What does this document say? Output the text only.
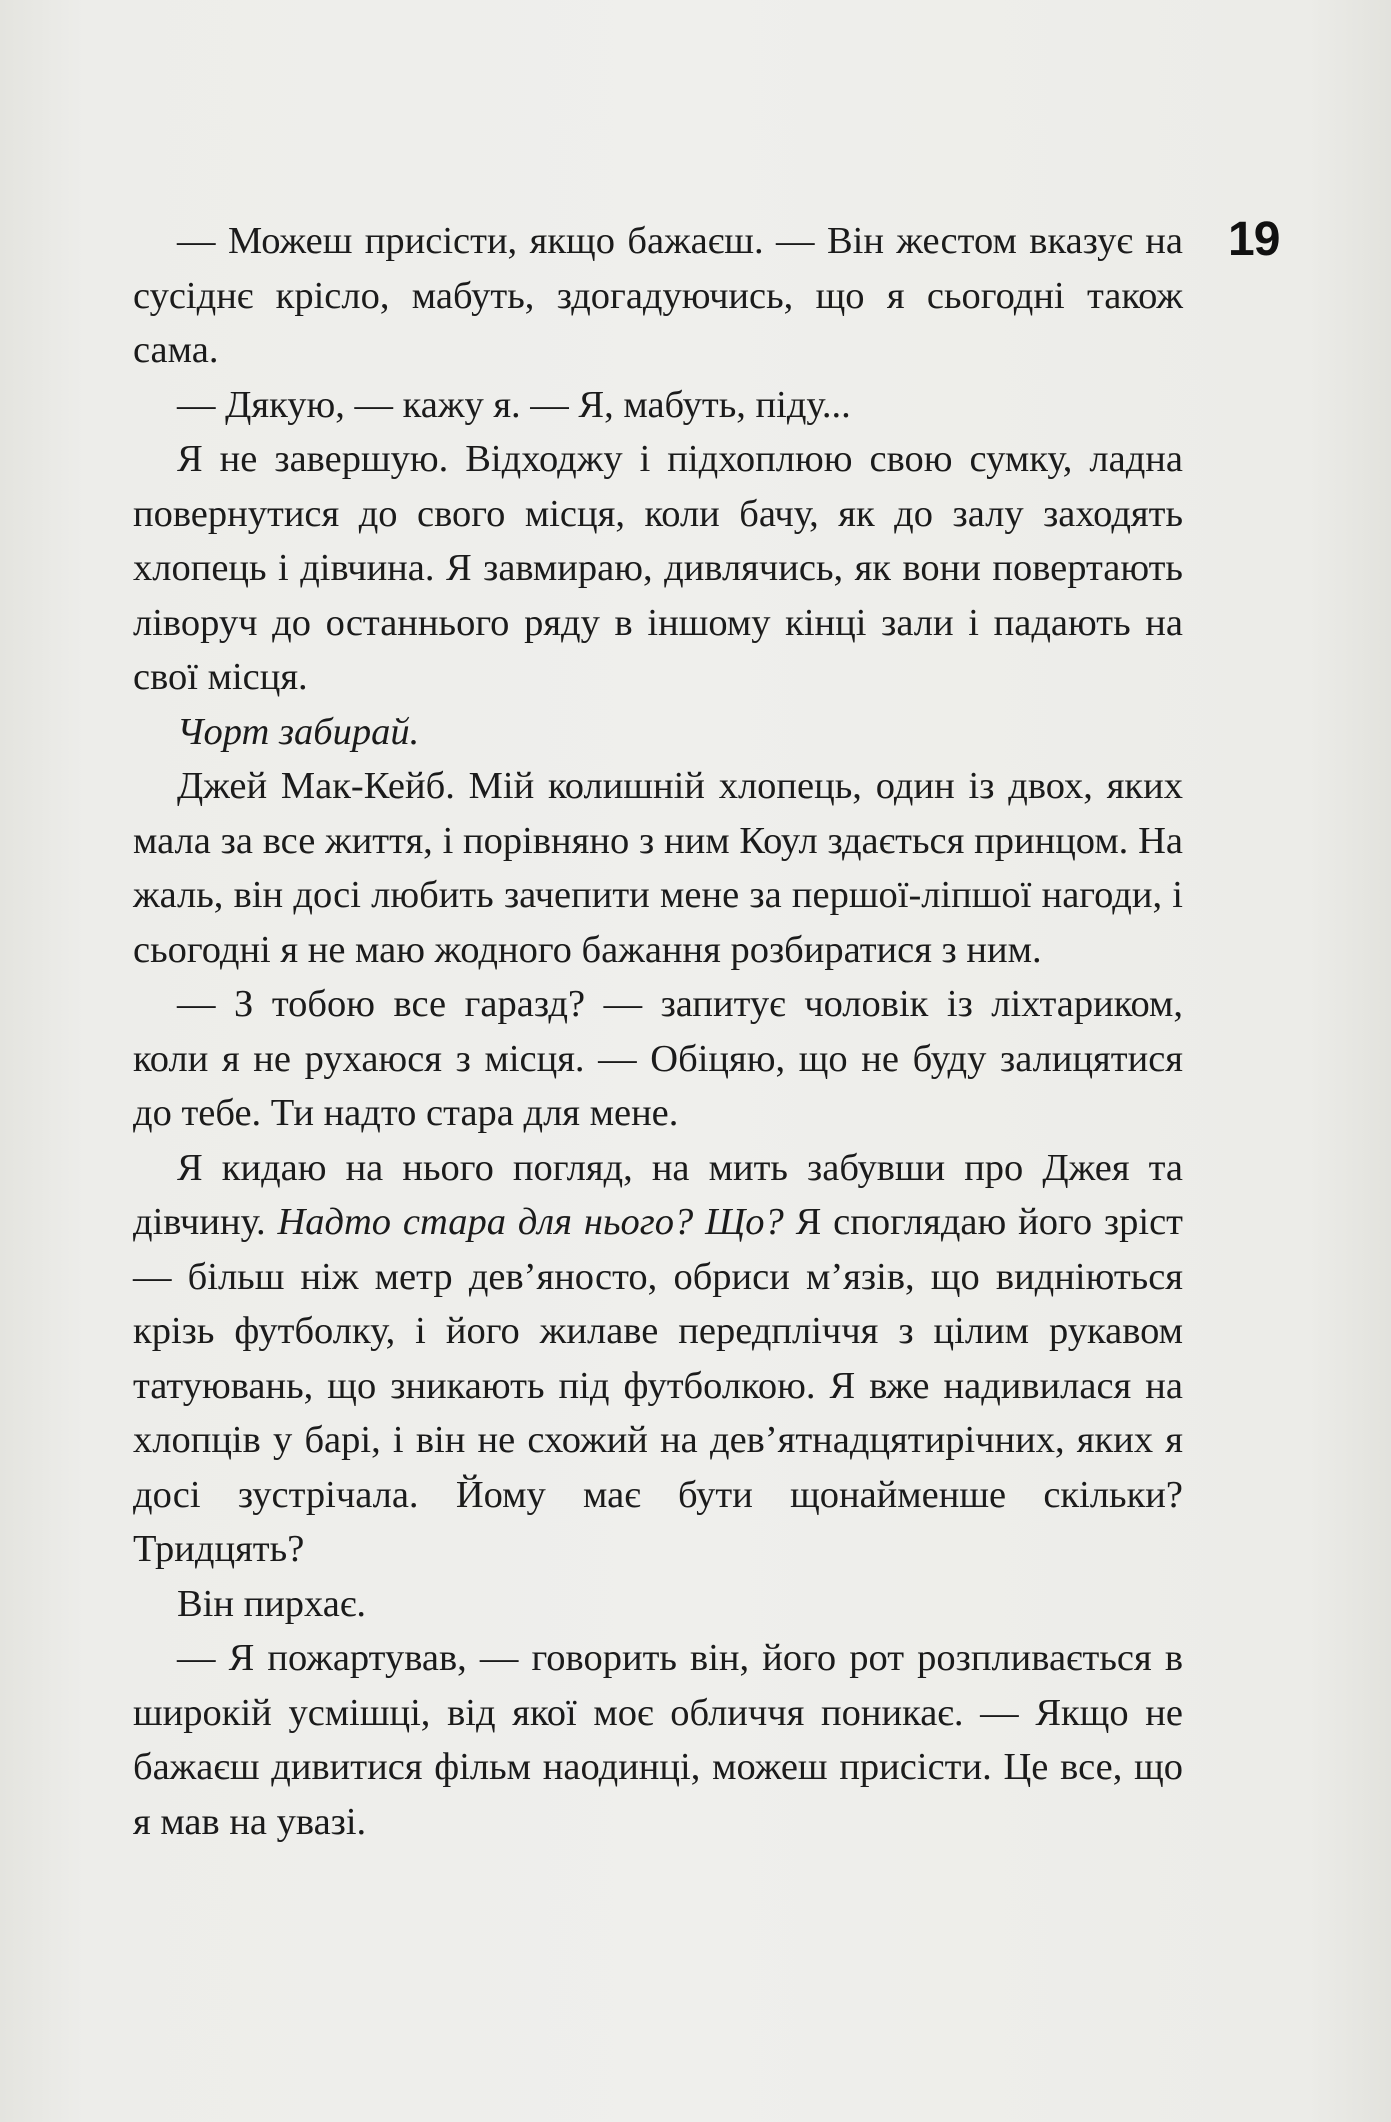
19

— Можеш присісти, якщо бажаєш. — Він жестом вказує на сусіднє крісло, мабуть, здогадуючись, що я сьогодні також сама.

— Дякую, — кажу я. — Я, мабуть, піду...

Я не завершую. Відходжу і підхоплюю свою сумку, ладна повернутися до свого місця, коли бачу, як до залу заходять хлопець і дівчина. Я завмираю, дивлячись, як вони повертають ліворуч до останнього ряду в іншому кінці зали і падають на свої місця.

Чорт забирай.

Джей Мак-Кейб. Мій колишній хлопець, один із двох, яких мала за все життя, і порівняно з ним Коул здається принцом. На жаль, він досі любить зачепити мене за першої-ліпшої нагоди, і сьогодні я не маю жодного бажання розбиратися з ним.

— З тобою все гаразд? — запитує чоловік із ліхтариком, коли я не рухаюся з місця. — Обіцяю, що не буду залицятися до тебе. Ти надто стара для мене.

Я кидаю на нього погляд, на мить забувши про Джея та дівчину. Надто стара для нього? Що? Я споглядаю його зріст — більш ніж метр дев’яносто, обриси м’язів, що видніються крізь футболку, і його жилаве передпліччя з цілим рукавом татуювань, що зникають під футболкою. Я вже надивилася на хлопців у барі, і він не схожий на дев’ятнадцятирічних, яких я досі зустрічала. Йому має бути щонайменше скільки? Тридцять?

Він пирхає.

— Я пожартував, — говорить він, його рот розпливається в широкій усмішці, від якої моє обличчя поникає. — Якщо не бажаєш дивитися фільм наодинці, можеш присісти. Це все, що я мав на увазі.
